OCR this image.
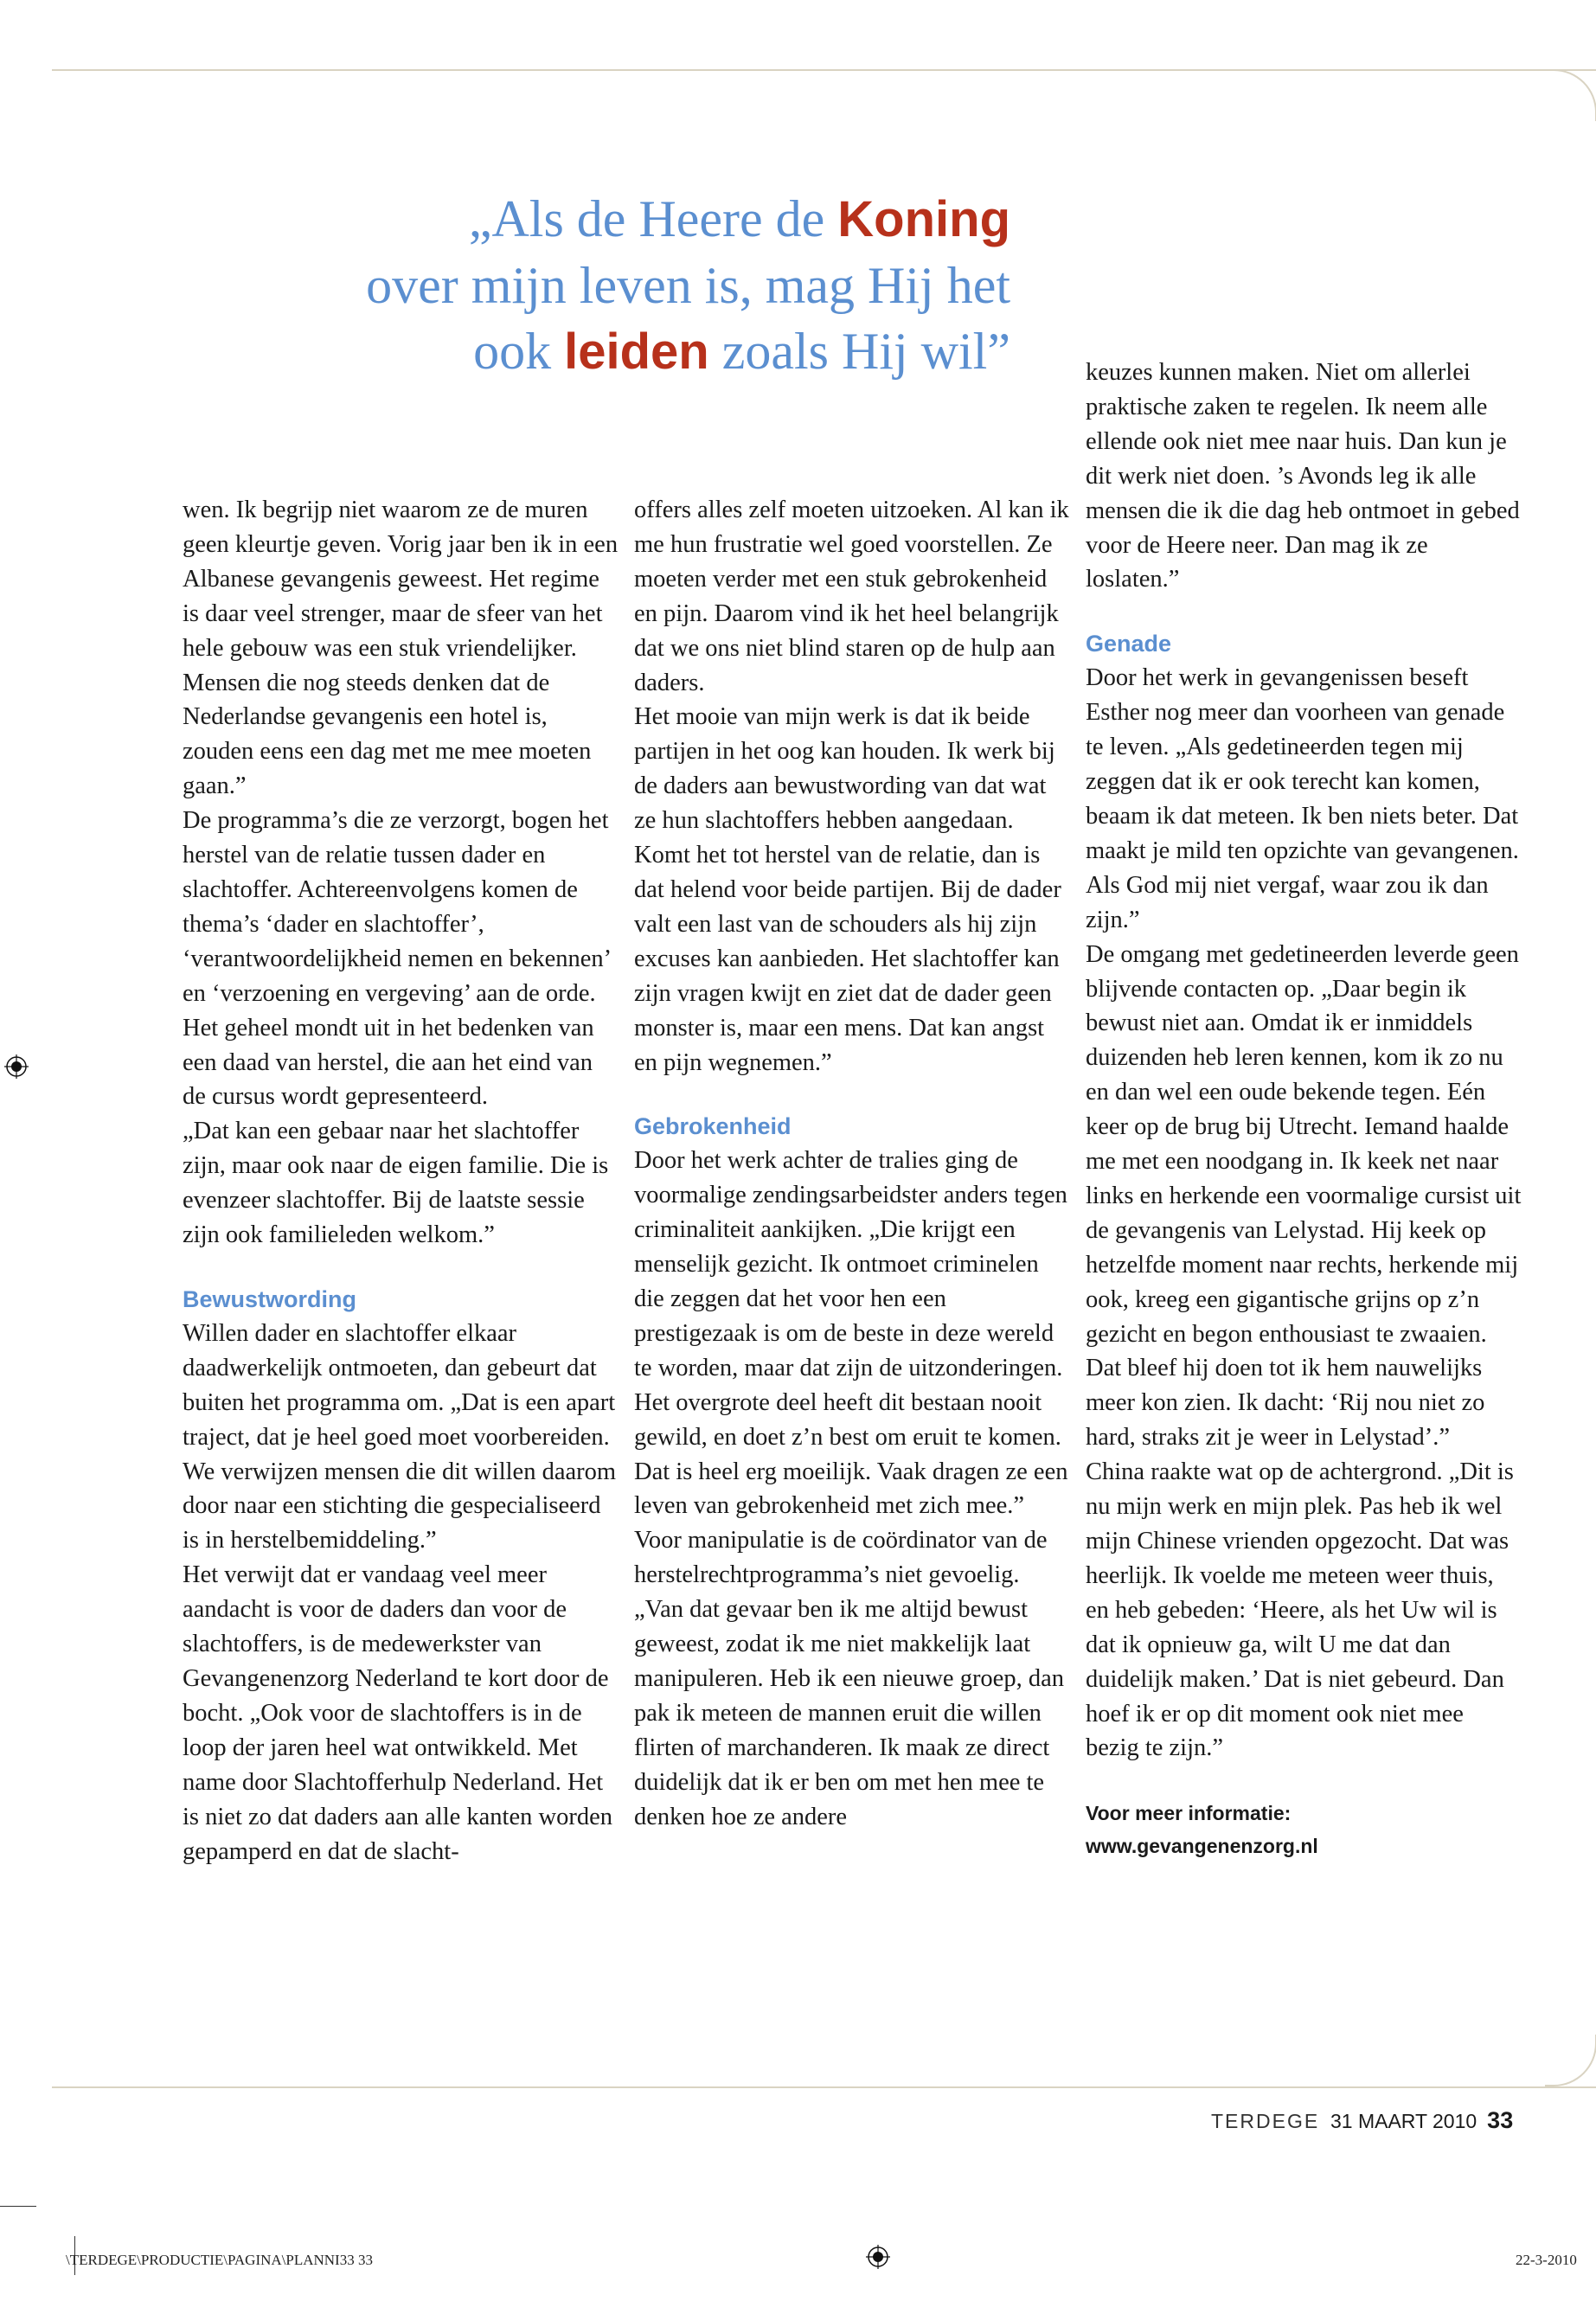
„Als de Heere de Koning
over mijn leven is, mag Hij het
ook leiden zoals Hij wil”

wen. Ik begrijp niet waarom ze de muren geen kleurtje geven. Vorig jaar ben ik in een Albanese gevangenis geweest. Het regime is daar veel strenger, maar de sfeer van het hele gebouw was een stuk vriendelijker. Mensen die nog steeds denken dat de Nederlandse gevangenis een hotel is, zouden eens een dag met me mee moeten gaan.”

De programma’s die ze verzorgt, bogen het herstel van de relatie tussen dader en slachtoffer. Achtereenvolgens komen de thema’s ‘dader en slachtoffer’, ‘verantwoordelijkheid nemen en bekennen’ en ‘verzoening en vergeving’ aan de orde. Het geheel mondt uit in het bedenken van een daad van herstel, die aan het eind van de cursus wordt gepresenteerd.

„Dat kan een gebaar naar het slachtoffer zijn, maar ook naar de eigen familie. Die is evenzeer slachtoffer. Bij de laatste sessie zijn ook familieleden welkom.”

Bewustwording

Willen dader en slachtoffer elkaar daadwerkelijk ontmoeten, dan gebeurt dat buiten het programma om. „Dat is een apart traject, dat je heel goed moet voorbereiden. We verwijzen mensen die dit willen daarom door naar een stichting die gespecialiseerd is in herstelbemiddeling.”

Het verwijt dat er vandaag veel meer aandacht is voor de daders dan voor de slachtoffers, is de medewerkster van Gevangenenzorg Nederland te kort door de bocht. „Ook voor de slachtoffers is in de loop der jaren heel wat ontwikkeld. Met name door Slachtofferhulp Nederland. Het is niet zo dat daders aan alle kanten worden gepamperd en dat de slacht-

offers alles zelf moeten uitzoeken. Al kan ik me hun frustratie wel goed voorstellen. Ze moeten verder met een stuk gebrokenheid en pijn. Daarom vind ik het heel belangrijk dat we ons niet blind staren op de hulp aan daders.

Het mooie van mijn werk is dat ik beide partijen in het oog kan houden. Ik werk bij de daders aan bewustwording van dat wat ze hun slachtoffers hebben aangedaan. Komt het tot herstel van de relatie, dan is dat helend voor beide partijen. Bij de dader valt een last van de schouders als hij zijn excuses kan aanbieden. Het slachtoffer kan zijn vragen kwijt en ziet dat de dader geen monster is, maar een mens. Dat kan angst en pijn wegnemen.”

Gebrokenheid

Door het werk achter de tralies ging de voormalige zendingsarbeidster anders tegen criminaliteit aankijken. „Die krijgt een menselijk gezicht. Ik ontmoet criminelen die zeggen dat het voor hen een prestigezaak is om de beste in deze wereld te worden, maar dat zijn de uitzonderingen. Het overgrote deel heeft dit bestaan nooit gewild, en doet z’n best om eruit te komen. Dat is heel erg moeilijk. Vaak dragen ze een leven van gebrokenheid met zich mee.”

Voor manipulatie is de coördinator van de herstelrechtprogramma’s niet gevoelig. „Van dat gevaar ben ik me altijd bewust geweest, zodat ik me niet makkelijk laat manipuleren. Heb ik een nieuwe groep, dan pak ik meteen de mannen eruit die willen flirten of marchanderen. Ik maak ze direct duidelijk dat ik er ben om met hen mee te denken hoe ze andere

keuzes kunnen maken. Niet om allerlei praktische zaken te regelen. Ik neem alle ellende ook niet mee naar huis. Dan kun je dit werk niet doen. ’s Avonds leg ik alle mensen die ik die dag heb ontmoet in gebed voor de Heere neer. Dan mag ik ze loslaten.”

Genade

Door het werk in gevangenissen beseft Esther nog meer dan voorheen van genade te leven. „Als gedetineerden tegen mij zeggen dat ik er ook terecht kan komen, beaam ik dat meteen. Ik ben niets beter. Dat maakt je mild ten opzichte van gevangenen. Als God mij niet vergaf, waar zou ik dan zijn.”

De omgang met gedetineerden leverde geen blijvende contacten op. „Daar begin ik bewust niet aan. Omdat ik er inmiddels duizenden heb leren kennen, kom ik zo nu en dan wel een oude bekende tegen. Eén keer op de brug bij Utrecht. Iemand haalde me met een noodgang in. Ik keek net naar links en herkende een voormalige cursist uit de gevangenis van Lelystad. Hij keek op hetzelfde moment naar rechts, herkende mij ook, kreeg een gigantische grijns op z’n gezicht en begon enthousiast te zwaaien. Dat bleef hij doen tot ik hem nauwelijks meer kon zien. Ik dacht: ‘Rij nou niet zo hard, straks zit je weer in Lelystad’.”

China raakte wat op de achtergrond. „Dit is nu mijn werk en mijn plek. Pas heb ik wel mijn Chinese vrienden opgezocht. Dat was heerlijk. Ik voelde me meteen weer thuis, en heb gebeden: ‘Heere, als het Uw wil is dat ik opnieuw ga, wilt U me dat dan duidelijk maken.’ Dat is niet gebeurd. Dan hoef ik er op dit moment ook niet mee bezig te zijn.”

Voor meer informatie:
www.gevangenenzorg.nl
TERDEGE 31 MAART 2010 33
\TERDEGE\PRODUCTIE\PAGINA\PLANNI33 33	22-3-2010
